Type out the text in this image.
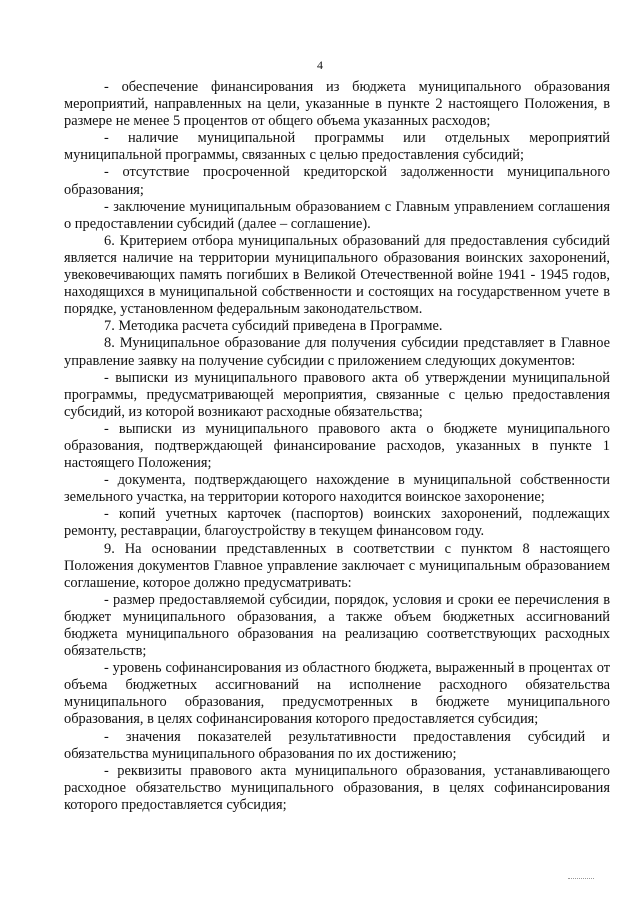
4

- обеспечение финансирования из бюджета муниципального образования мероприятий, направленных на цели, указанные в пункте 2 настоящего Положения, в размере не менее 5 процентов от общего объема указанных расходов;

- наличие муниципальной программы или отдельных мероприятий муниципальной программы, связанных с целью предоставления субсидий;

- отсутствие просроченной кредиторской задолженности муниципального образования;

- заключение муниципальным образованием с Главным управлением соглашения о предоставлении субсидий (далее – соглашение).

6. Критерием отбора муниципальных образований для предоставления субсидий является наличие на территории муниципального образования воинских захоронений, увековечивающих память погибших в Великой Отечественной войне 1941 - 1945 годов, находящихся в муниципальной собственности и состоящих на государственном учете в порядке, установленном федеральным законодательством.

7. Методика расчета субсидий приведена в Программе.

8. Муниципальное образование для получения субсидии представляет в Главное управление заявку на получение субсидии с приложением следующих документов:

- выписки из муниципального правового акта об утверждении муниципальной программы, предусматривающей мероприятия, связанные с целью предоставления субсидий, из которой возникают расходные обязательства;

- выписки из муниципального правового акта о бюджете муниципального образования, подтверждающей финансирование расходов, указанных в пункте 1 настоящего Положения;

- документа, подтверждающего нахождение в муниципальной собственности земельного участка, на территории которого находится воинское захоронение;

- копий учетных карточек (паспортов) воинских захоронений, подлежащих ремонту, реставрации, благоустройству в текущем финансовом году.

9. На основании представленных в соответствии с пунктом 8 настоящего Положения документов Главное управление заключает с муниципальным образованием соглашение, которое должно предусматривать:

- размер предоставляемой субсидии, порядок, условия и сроки ее перечисления в бюджет муниципального образования, а также объем бюджетных ассигнований бюджета муниципального образования на реализацию соответствующих расходных обязательств;

- уровень софинансирования из областного бюджета, выраженный в процентах от объема бюджетных ассигнований на исполнение расходного обязательства муниципального образования, предусмотренных в бюджете муниципального образования, в целях софинансирования которого предоставляется субсидия;

- значения показателей результативности предоставления субсидий и обязательства муниципального образования по их достижению;

- реквизиты правового акта муниципального образования, устанавливающего расходное обязательство муниципального образования, в целях софинансирования которого предоставляется субсидия;
